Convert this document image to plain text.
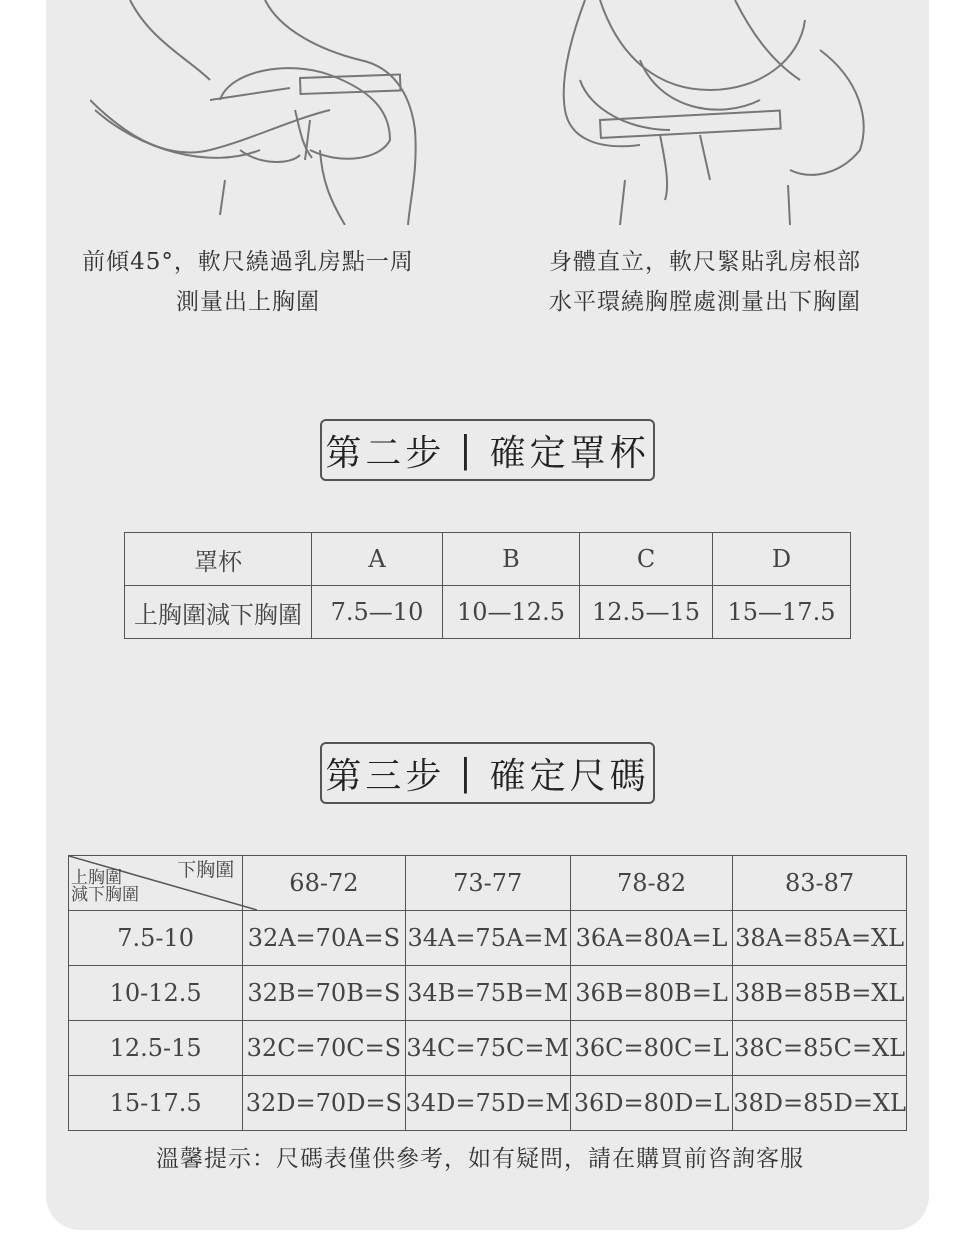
前傾45°，軟尺繞過乳房點一周
測量出上胸圍
身體直立，軟尺緊貼乳房根部
水平環繞胸膛處測量出下胸圍
第二步 | 確定罩杯
罩杯	A	B	C	D
上胸圍減下胸圍	7.5—10	10—12.5	12.5—15	15—17.5
第三步 | 確定尺碼
下胸圍
上胸圍
減下胸圍	68-72	73-77	78-82	83-87
7.5-10	32A=70A=S	34A=75A=M	36A=80A=L	38A=85A=XL
10-12.5	32B=70B=S	34B=75B=M	36B=80B=L	38B=85B=XL
12.5-15	32C=70C=S	34C=75C=M	36C=80C=L	38C=85C=XL
15-17.5	32D=70D=S	34D=75D=M	36D=80D=L	38D=85D=XL
溫馨提示：尺碼表僅供參考，如有疑問，請在購買前咨詢客服
